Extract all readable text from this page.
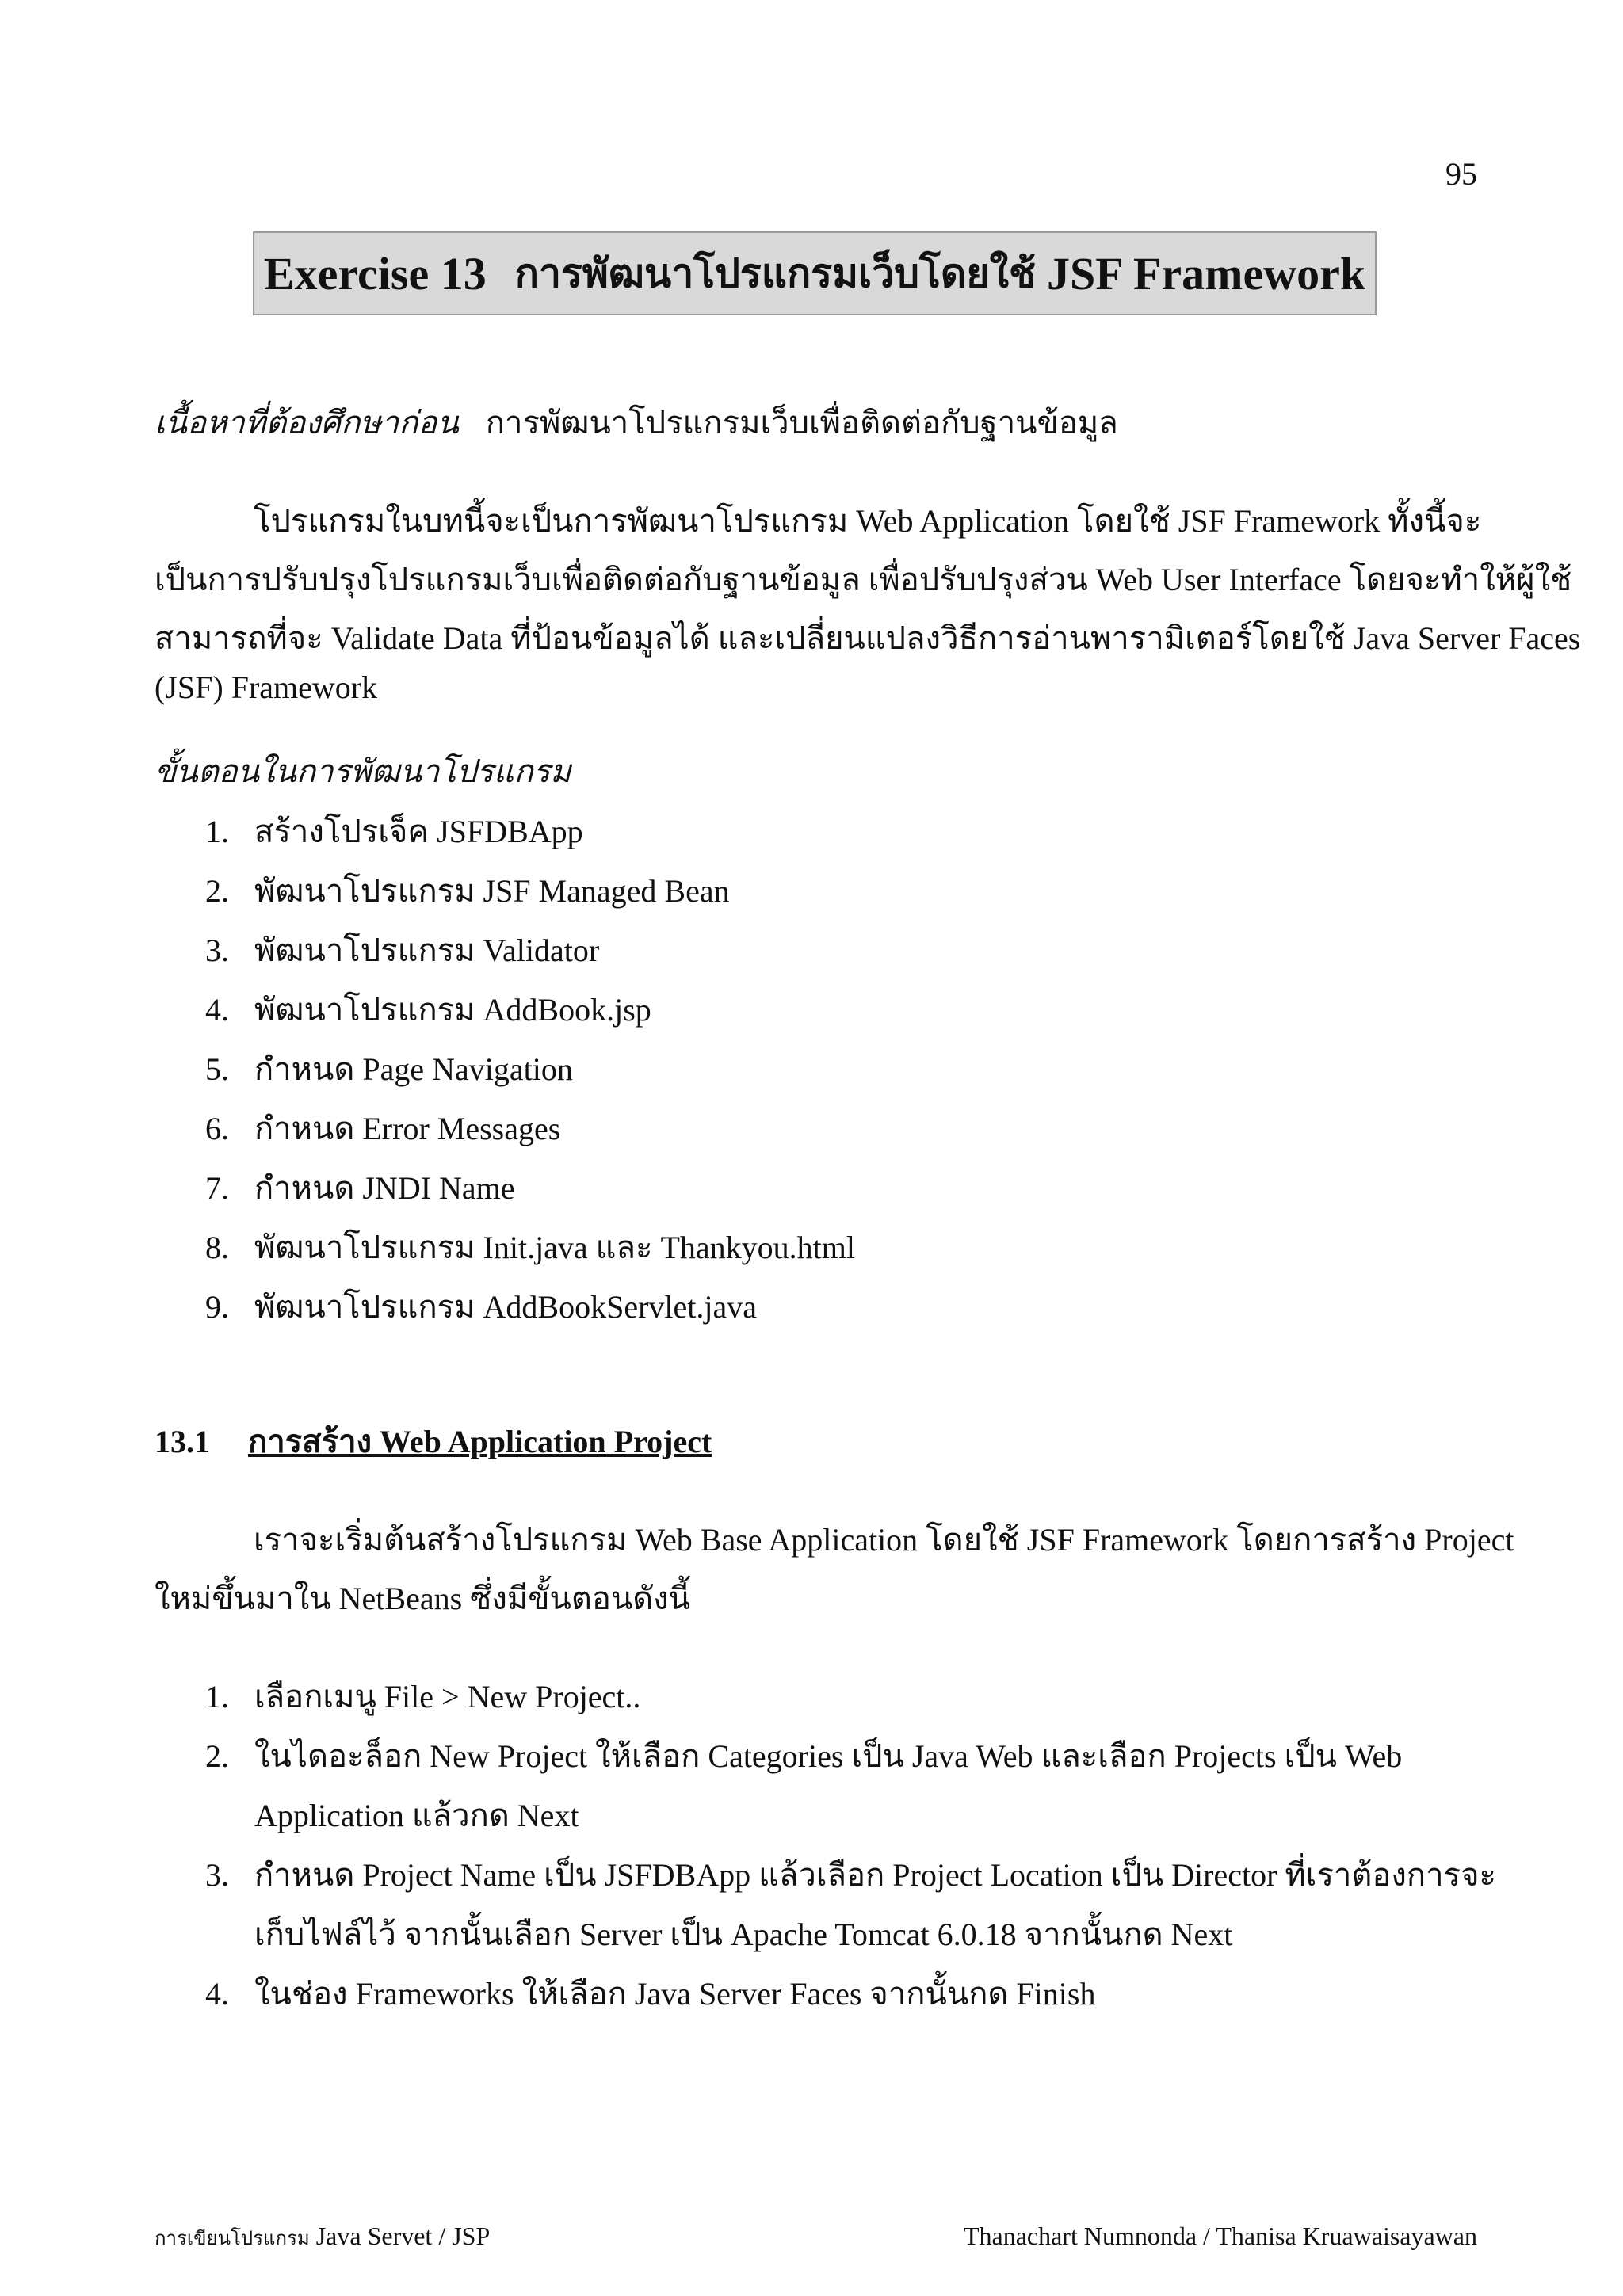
95
Exercise 13 การพัฒนาโปรแกรมเว็บโดยใช้ JSF Framework
เนื้อหาที่ต้องศึกษาก่อน การพัฒนาโปรแกรมเว็บเพื่อติดต่อกับฐานข้อมูล
โปรแกรมในบทนี้จะเป็นการพัฒนาโปรแกรม Web Application โดยใช้ JSF Framework ทั้งนี้จะ
เป็นการปรับปรุงโปรแกรมเว็บเพื่อติดต่อกับฐานข้อมูล เพื่อปรับปรุงส่วน Web User Interface โดยจะทำให้ผู้ใช้
สามารถที่จะ Validate Data ที่ป้อนข้อมูลได้ และเปลี่ยนแปลงวิธีการอ่านพารามิเตอร์โดยใช้ Java Server Faces
(JSF) Framework
ขั้นตอนในการพัฒนาโปรแกรม
1. สร้างโปรเจ็ค JSFDBApp
2. พัฒนาโปรแกรม JSF Managed Bean
3. พัฒนาโปรแกรม Validator
4. พัฒนาโปรแกรม AddBook.jsp
5. กำหนด Page Navigation
6. กำหนด Error Messages
7. กำหนด JNDI Name
8. พัฒนาโปรแกรม Init.java และ Thankyou.html
9. พัฒนาโปรแกรม AddBookServlet.java
13.1 การสร้าง Web Application Project
เราจะเริ่มต้นสร้างโปรแกรม Web Base Application โดยใช้ JSF Framework โดยการสร้าง Project
ใหม่ขึ้นมาใน NetBeans ซึ่งมีขั้นตอนดังนี้
1. เลือกเมนู File > New Project..
2. ในไดอะล็อก New Project ให้เลือก Categories เป็น Java Web และเลือก Projects เป็น Web
Application แล้วกด Next
3. กำหนด Project Name เป็น JSFDBApp แล้วเลือก Project Location เป็น Director ที่เราต้องการจะ
เก็บไฟล์ไว้ จากนั้นเลือก Server เป็น Apache Tomcat 6.0.18 จากนั้นกด Next
4. ในช่อง Frameworks ให้เลือก Java Server Faces จากนั้นกด Finish
การเขียนโปรแกรม Java Servet / JSP	Thanachart Numnonda / Thanisa Kruawaisayawan
